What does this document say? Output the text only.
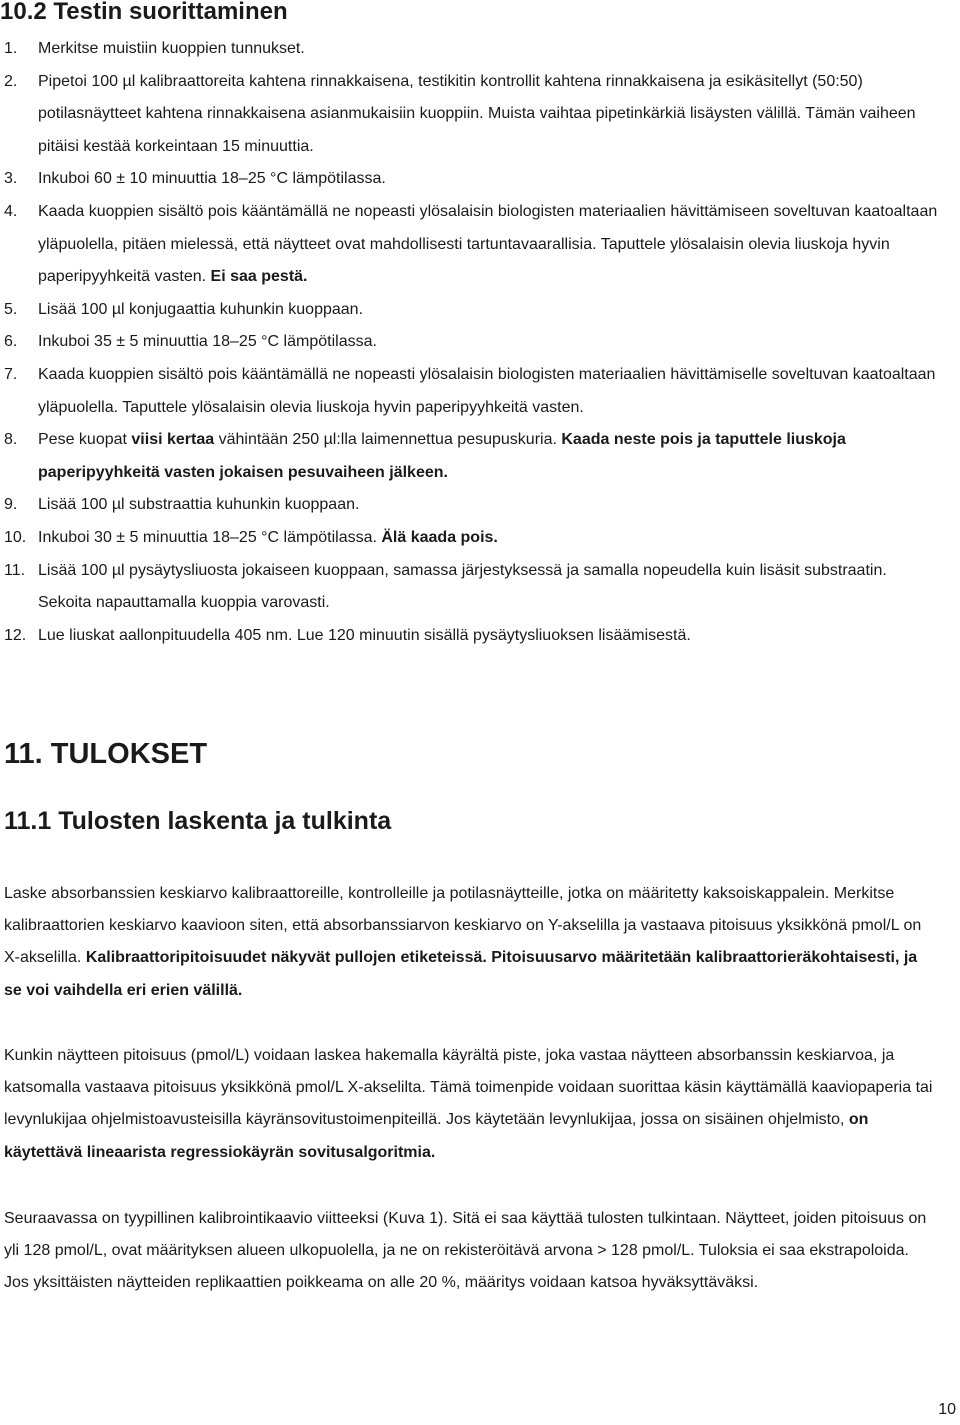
10.2 Testin suorittaminen
1.	Merkitse muistiin kuoppien tunnukset.
2.	Pipetoi 100 µl kalibraattoreita kahtena rinnakkaisena, testikitin kontrollit kahtena rinnakkaisena ja esikäsitellyt (50:50) potilasnäytteet kahtena rinnakkaisena asianmukaisiin kuoppiin. Muista vaihtaa pipetinkärkiä lisäysten välillä. Tämän vaiheen pitäisi kestää korkeintaan 15 minuuttia.
3.	Inkuboi 60 ± 10 minuuttia 18–25 °C lämpötilassa.
4.	Kaada kuoppien sisältö pois kääntämällä ne nopeasti ylösalaisin biologisten materiaalien hävittämiseen soveltuvan kaatoaltaan yläpuolella, pitäen mielessä, että näytteet ovat mahdollisesti tartuntavaarallisia. Taputtele ylösalaisin olevia liuskoja hyvin paperipyyhkeitä vasten. Ei saa pestä.
5.	Lisää 100 µl konjugaattia kuhunkin kuoppaan.
6.	Inkuboi 35 ± 5 minuuttia 18–25 °C lämpötilassa.
7.	Kaada kuoppien sisältö pois kääntämällä ne nopeasti ylösalaisin biologisten materiaalien hävittämiselle soveltuvan kaatoaltaan yläpuolella. Taputtele ylösalaisin olevia liuskoja hyvin paperipyyhkeitä vasten.
8.	Pese kuopat viisi kertaa vähintään 250 µl:lla laimennettua pesupuskuria. Kaada neste pois ja taputtele liuskoja paperipyyhkeitä vasten jokaisen pesuvaiheen jälkeen.
9.	Lisää 100 µl substraattia kuhunkin kuoppaan.
10. Inkuboi 30 ± 5 minuuttia 18–25 °C lämpötilassa. Älä kaada pois.
11. Lisää 100 µl pysäytysliuosta jokaiseen kuoppaan, samassa järjestyksessä ja samalla nopeudella kuin lisäsit substraatin. Sekoita napauttamalla kuoppia varovasti.
12. Lue liuskat aallonpituudella 405 nm. Lue 120 minuutin sisällä pysäytysliuoksen lisäämisestä.
11. TULOKSET
11.1 Tulosten laskenta ja tulkinta

Laske absorbanssien keskiarvo kalibraattoreille, kontrolleille ja potilasnäytteille, jotka on määritetty kaksoiskappalein. Merkitse kalibraattorien keskiarvo kaavioon siten, että absorbanssiarvon keskiarvo on Y-akselilla ja vastaava pitoisuus yksikkönä pmol/L on X-akselilla. Kalibraattoripitoisuudet näkyvät pullojen etiketeissä. Pitoisuusarvo määritetään kalibraattorieräkohtaisesti, ja se voi vaihdella eri erien välillä.

Kunkin näytteen pitoisuus (pmol/L) voidaan laskea hakemalla käyrältä piste, joka vastaa näytteen absorbanssin keskiarvoa, ja katsomalla vastaava pitoisuus yksikkönä pmol/L X-akselilta. Tämä toimenpide voidaan suorittaa käsin käyttämällä kaaviopaperia tai levynlukijaa ohjelmistoavusteisilla käyränsovitustoimenpiteillä. Jos käytetään levynlukijaa, jossa on sisäinen ohjelmisto, on käytettävä lineaarista regressiokäyrän sovitusalgoritmia.

Seuraavassa on tyypillinen kalibrointikaavio viitteeksi (Kuva 1). Sitä ei saa käyttää tulosten tulkintaan. Näytteet, joiden pitoisuus on yli 128 pmol/L, ovat määrityksen alueen ulkopuolella, ja ne on rekisteröitävä arvona > 128 pmol/L. Tuloksia ei saa ekstrapoloida. Jos yksittäisten näytteiden replikaattien poikkeama on alle 20 %, määritys voidaan katsoa hyväksyttäväksi.

10
